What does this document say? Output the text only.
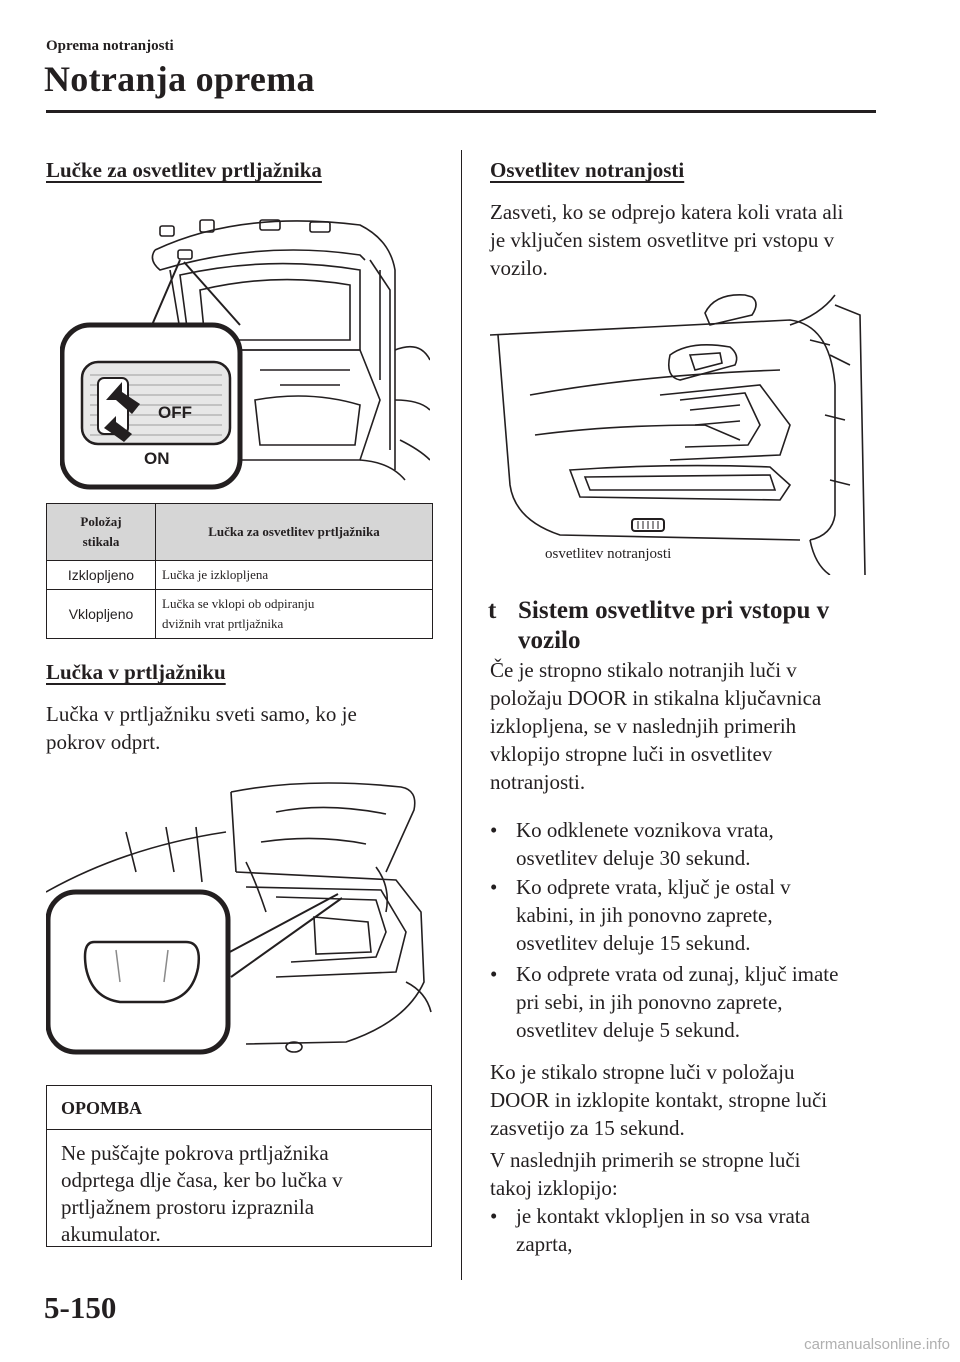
Oprema notranjosti
Notranja oprema
Lučke za osvetlitev prtljažnika
OFF
ON
Položaj
stikala	Lučka za osvetlitev prtljažnika
Izklopljeno	Lučka je izklopljena
Vklopljeno	Lučka se vklopi ob odpiranju
dvižnih vrat prtljažnika
Lučka v prtljažniku
Lučka v prtljažniku sveti samo, ko je
pokrov odprt.
OPOMBA
Ne puščajte pokrova prtljažnika
odprtega dlje časa, ker bo lučka v
prtljažnem prostoru izpraznila
akumulator.
Osvetlitev notranjosti
Zasveti, ko se odprejo katera koli vrata ali
je vključen sistem osvetlitve pri vstopu v
vozilo.
osvetlitev notranjosti
t Sistem osvetlitve pri vstopu v
vozilo
Če je stropno stikalo notranjih luči v
položaju DOOR in stikalna ključavnica
izklopljena, se v naslednjih primerih
vklopijo stropne luči in osvetlitev
notranjosti.
• Ko odklenete voznikova vrata,
osvetlitev deluje 30 sekund.
• Ko odprete vrata, ključ je ostal v
kabini, in jih ponovno zaprete,
osvetlitev deluje 15 sekund.
• Ko odprete vrata od zunaj, ključ imate
pri sebi, in jih ponovno zaprete,
osvetlitev deluje 5 sekund.
Ko je stikalo stropne luči v položaju
DOOR in izklopite kontakt, stropne luči
zasvetijo za 15 sekund.
V naslednjih primerih se stropne luči
takoj izklopijo:
• je kontakt vklopljen in so vsa vrata
zaprta,
5-150
carmanualsonline.info
